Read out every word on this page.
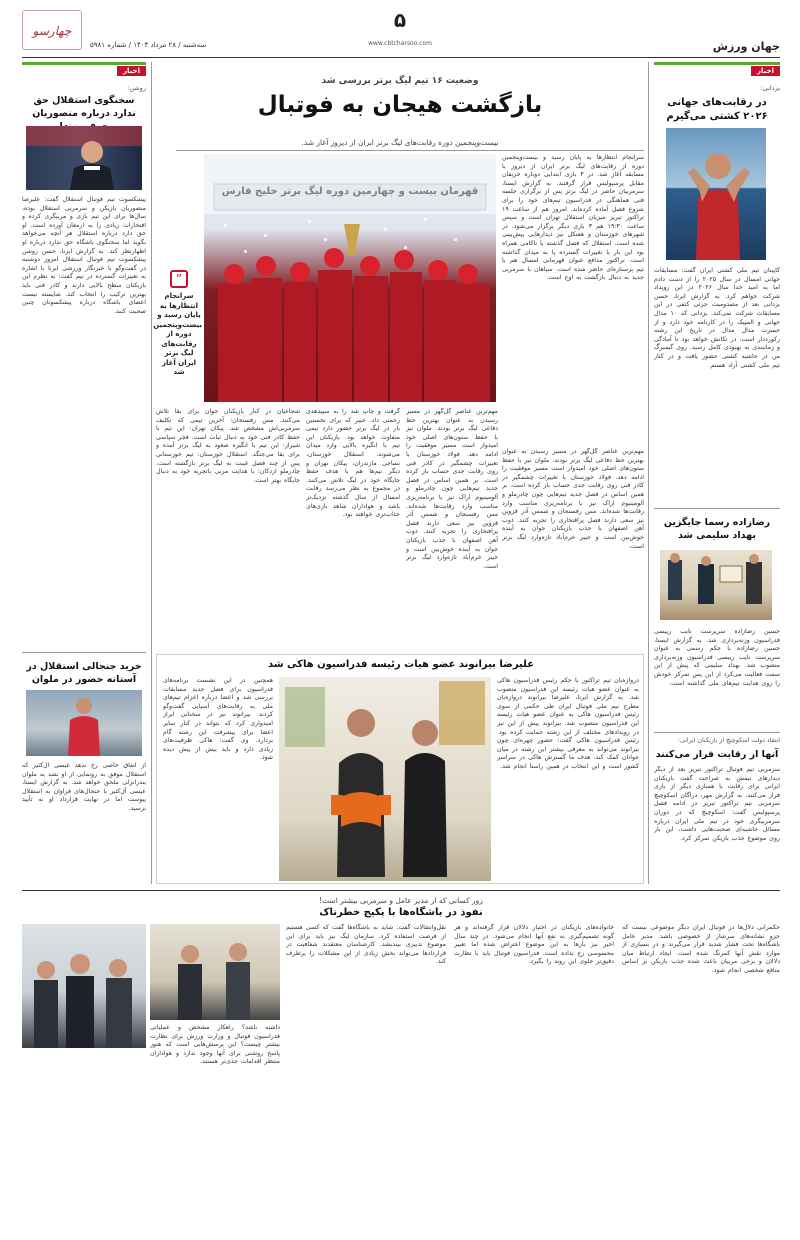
چهارسو
سه‌شنبه / ۲۸ مرداد ۱۴۰۴ / شماره ۵۹۸۱
۵
www.cbtcharsoo.com	جهان ورزش
اخبار
یزدانی:
در رقابت‌های جهانی ۲۰۲۶ کشتی می‌گیرم
کاپیتان تیم ملی کشتی ایران گفت: مسابقات جهانی امسال در سال ۲۰۲۵ را از دست دادم اما به امید خدا سال ۲۰۲۶ در این رویداد شرکت خواهم کرد. به گزارش ایرنا، حسن یزدانی بعد از مصدومیت جزئی کتفی در این مسابقات شرکت نمی‌کند. یزدانی که ۱۰ مدال جهانی و المپیک را در کارنامه خود دارد و از حسرت مدال مدال در تاریخ این رشته رکورددار است، در تکانش خواهد بود تا آمادگی و زمانبندی به بهبودی کامل رسید. روی گیمبرگ من در حاشیه کشتی حضور یافت و در کنار تیم ملی کشتی آزاد هستم.
رضازاده رسما جایگزین بهداد سلیمی شد
حسین رضازاده سرپرست نایب رییسی فدراسیون وزنه‌برداری شد. به گزارش ایسنا، حسین رضازاده با حکم رسمی به عنوان سرپرست نایب رییسی فدراسیون وزنه‌برداری منصوب شد. بهداد سلیمی که پیش از این سمت فعالیت می‌کرد از این پس تمرکز خودش را روی هدایت تیم‌های ملی گذاشته است.
انتقاد دولت اسکوچیچ از بازیکنان ایرانی:
آنها از رقابت فرار می‌کنند
سرمربی تیم فوتبال تراکتور تبریز بعد از دیگر دیدارهای تیمش به صراحت گفت بازیکنان ایرانی برای رقابت با همبازی دیگر از بازی فرار می‌کنند. به گزارش مهر، دراگان اسکوچیچ سرمربی تیم تراکتور تبریز در ادامه فصل پرسپولیس گفت: اسکوچیچ که در دوران سرمربیگری خود در تیم ملی ایران درباره مسائل حاشیه‌ای صحبت‌هایی داشت، این بار روی موضوع جذب بازیکن تمرکز کرد.
اخبار
روشن:
سخنگوی استقلال حق ندارد درباره منصوریان
پیشکسوت تیم فوتبال استقلال گفت: علیرضا منصوریان بازیکن و سرمربی استقلال بوده، سال‌ها برای این تیم بازی و مربیگری کرده و افتخارات زیادی را به ارمغان آورده است. او حق دارد درباره استقلال هر آنچه می‌خواهد بگوید اما سخنگوی باشگاه حق ندارد درباره او اظهارنظر کند. به گزارش ایرنا، حسن روشن پیشکسوت تیم فوتبال استقلال امروز دوشنبه در گفت‌وگو با خبرنگار ورزشی ایرنا با اشاره به تغییرات گسترده در تیم گفت: به نظرم این بازیکنان سطح بالایی دارند و کادر فنی باید بهترین ترکیب را انتخاب کند. شایسته نیست اعضای باشگاه درباره پیشکسوتان چنین صحبت کنند.
خرید جنجالی استقلال در آستانه حضور در ملوان
از اتفاق خاصی رخ ندهد عیسی آل‌کثیر که استقلال موفق به رونمایی از او نشد به ملوان بندرانزلی ملحق خواهد شد. به گزارش ایسنا، عیسی آل‌کثیر با جنجال‌های فراوان به استقلال پیوست اما در نهایت قرارداد او به تأیید نرسید.
وضعیت ۱۶ تیم لیگ برتر بررسی شد
بازگشت هیجان به فوتبال
بیست‌وپنجمین دوره رقابت‌های لیگ برتر ایران از دیروز آغاز شد.
قهرمان بیست و چهارمین دوره لیگ برتر خلیج فارس
سرانجام انتظارها به پایان رسید و بیست‌وپنجمین دوره از رقابت‌های لیگ برتر ایران از دیروز با مسابقه آغاز شد. در ۳ بازی ابتدایی دوباره حریفان مقابل پرسپولیس قرار گرفتند. به گزارش ایسنا، سرمربیان حاضر در لیگ برتر پس از برگزاری جلسه فنی هماهنگی در فدراسیون تیم‌های خود را برای شروع فصل آماده کرده‌اند. امروز هم از ساعت ۱۹ تراکتور تبریز میزبان استقلال تهران است و سپس ساعت ۱۹:۳۰ هم ۳ بازی دیگر برگزار می‌شود. در شهرهای خوزستان و هفتکل نیز دیدارهایی پیش‌بینی شده است. استقلال که فصل گذشته با ناکامی همراه بود این بار با تغییرات گسترده پا به میدان گذاشته است. تراکتور مدافع عنوان قهرمانی امسال هم با تیم پرستاره‌ای حاضر شده است. سپاهان با سرمربی جدید به دنبال بازگشت به اوج است.
”
سرانجام انتظارها به پایان رسید و بیست‌وپنجمین دوره از رقابت‌های لیگ برتر ایران آغاز شد
مهم‌ترین عناصر گل‌گهر در مسیر رسیدن به عنوان بهترین خط دفاعی لیگ برتر بودند. ملوان نیز با حفظ ستون‌های اصلی خود امیدوار است مسیر موفقیت را ادامه دهد. فولاد خوزستان با تغییرات چشمگیر در کادر فنی روی رقابت جدی حساب باز کرده است. بر همین اساس در فصل جدید تیم‌هایی چون چادرملو و آلومینیوم اراک نیز با برنامه‌ریزی مناسب وارد رقابت‌ها شده‌اند. مس رفسنجان و شمس آذر قزوین نیز سعی دارند فصل پرافتخاری را تجربه کنند. ذوب آهن اصفهان با جذب بازیکنان جوان به آینده خوش‌بین است و خیبر خرم‌آباد تازه‌وارد لیگ برتر است.
گرفت و چاپ شد را به سپیدهدی رحمتی داد. خیبر که برای نخستین بار در لیگ برتر حضور دارد تیمی متفاوت خواهد بود. بازیکنان این تیم با انگیزه بالایی وارد میدان می‌شوند. استقلال خوزستان، نساجی مازندران، پیکان تهران و دیگر تیم‌ها هم با هدف حفظ جایگاه خود در لیگ تلاش می‌کنند. در مجموع به نظر می‌رسد رقابت امسال از سال گذشته نزدیک‌تر باشد و هواداران شاهد بازی‌های جذاب‌تری خواهند بود.
شجاعیان در کنار بازیکنان جوان برای بقا تلاش می‌کنند. مس رفسنجان: آخرین تیمی که تکلیف سرمربی‌اش مشخص شد. پیکان تهران: این تیم با حفظ کادر فنی خود به دنبال ثبات است. فجر سپاسی شیراز: این تیم با انگیزه صعود به لیگ برتر آمده و برای بقا می‌جنگد. استقلال خوزستان: تیم خوزستانی پس از چند فصل غیبت به لیگ برتر بازگشته است. چادرملو اردکان: با هدایت مربی باتجربه خود به دنبال جایگاه بهتر است.
مهم‌ترین عناصر گل‌گهر در مسیر رسیدن به عنوان بهترین خط دفاعی لیگ برتر بودند. ملوان نیز با حفظ ستون‌های اصلی خود امیدوار است مسیر موفقیت را ادامه دهد. فولاد خوزستان با تغییرات چشمگیر در کادر فنی روی رقابت جدی حساب باز کرده است. بر همین اساس در فصل جدید تیم‌هایی چون چادرملو و آلومینیوم اراک نیز با برنامه‌ریزی مناسب وارد رقابت‌ها شده‌اند. مس رفسنجان و شمس آذر قزوین نیز سعی دارند فصل پرافتخاری را تجربه کنند. ذوب آهن اصفهان با جذب بازیکنان جوان به آینده خوش‌بین است و خیبر خرم‌آباد تازه‌وارد لیگ برتر است.
علیرضا بیرانوند عضو هیات رئیسه فدراسیون هاکی شد
دروازه‌بان تیم تراکتور با حکم رئیس فدراسیون هاکی به عنوان عضو هیات رئیسه این فدراسیون منصوب شد. به گزارش ایرنا، علیرضا بیرانوند دروازه‌بان مطرح تیم ملی فوتبال ایران طی حکمی از سوی رئیس فدراسیون هاکی به عنوان عضو هیات رئیسه این فدراسیون منصوب شد. بیرانوند پیش از این نیز در رویدادهای مختلف از این رشته حمایت کرده بود. رئیس فدراسیون هاکی گفت: حضور چهره‌ای چون بیرانوند می‌تواند به معرفی بیشتر این رشته در میان جوانان کمک کند. هدف ما گسترش هاکی در سراسر کشور است و این انتخاب در همین راستا انجام شد.
همچنین در این نشست برنامه‌های فدراسیون برای فصل جدید مسابقات بررسی شد و اعضا درباره اعزام تیم‌های ملی به رقابت‌های آسیایی گفت‌وگو کردند. بیرانوند نیز در سخنانی ابراز امیدواری کرد که بتواند در کنار سایر اعضا برای پیشرفت این رشته گام بردارد. وی گفت: هاکی ظرفیت‌های زیادی دارد و باید بیش از پیش دیده شود.
زور کسانی که از مدیر عامل و سرمربی بیشتر است!
نفوذ در باشگاه‌ها با پکیج خطرناک
حکمرانی دلال‌ها در فوتبال ایران دیگر موضوعی نیست که جزو نشانه‌های سرشار از خصوصی باشد. مدیر عامل باشگاه‌ها تحت فشار شدید قرار می‌گیرند و در بسیاری از موارد نقش آنها کمرنگ شده است. ایجاد ارتباط میان دلالان و برخی مربیان باعث شده جذب بازیکن بر اساس منافع شخصی انجام شود.
خانواده‌های بازیکنان در اختیار دلالان قرار گرفته‌اند و هر گونه تصمیم‌گیری به نفع آنها انجام می‌شود. در چند سال اخیر نیز بارها به این موضوع اعتراض شده اما تغییر محسوسی رخ نداده است. فدراسیون فوتبال باید با نظارت دقیق‌تر جلوی این روند را بگیرد.
نقل‌وانتقالات گفت: شاید به باشگاه‌ها گفت که کسی هستیم از فرصت استفاده کرد. سازمان لیگ نیز باید برای این موضوع تدبیری بیندیشد. کارشناسان معتقدند شفافیت در قراردادها می‌تواند بخش زیادی از این مشکلات را برطرف کند.
داشته باشد؟ راهکار مشخص و عملیاتی فدراسیون فوتبال و وزارت ورزش برای نظارت بیشتر چیست؟ این پرسش‌هایی است که هنوز پاسخ روشنی برای آنها وجود ندارد و هواداران منتظر اقدامات جدی‌تر هستند.
